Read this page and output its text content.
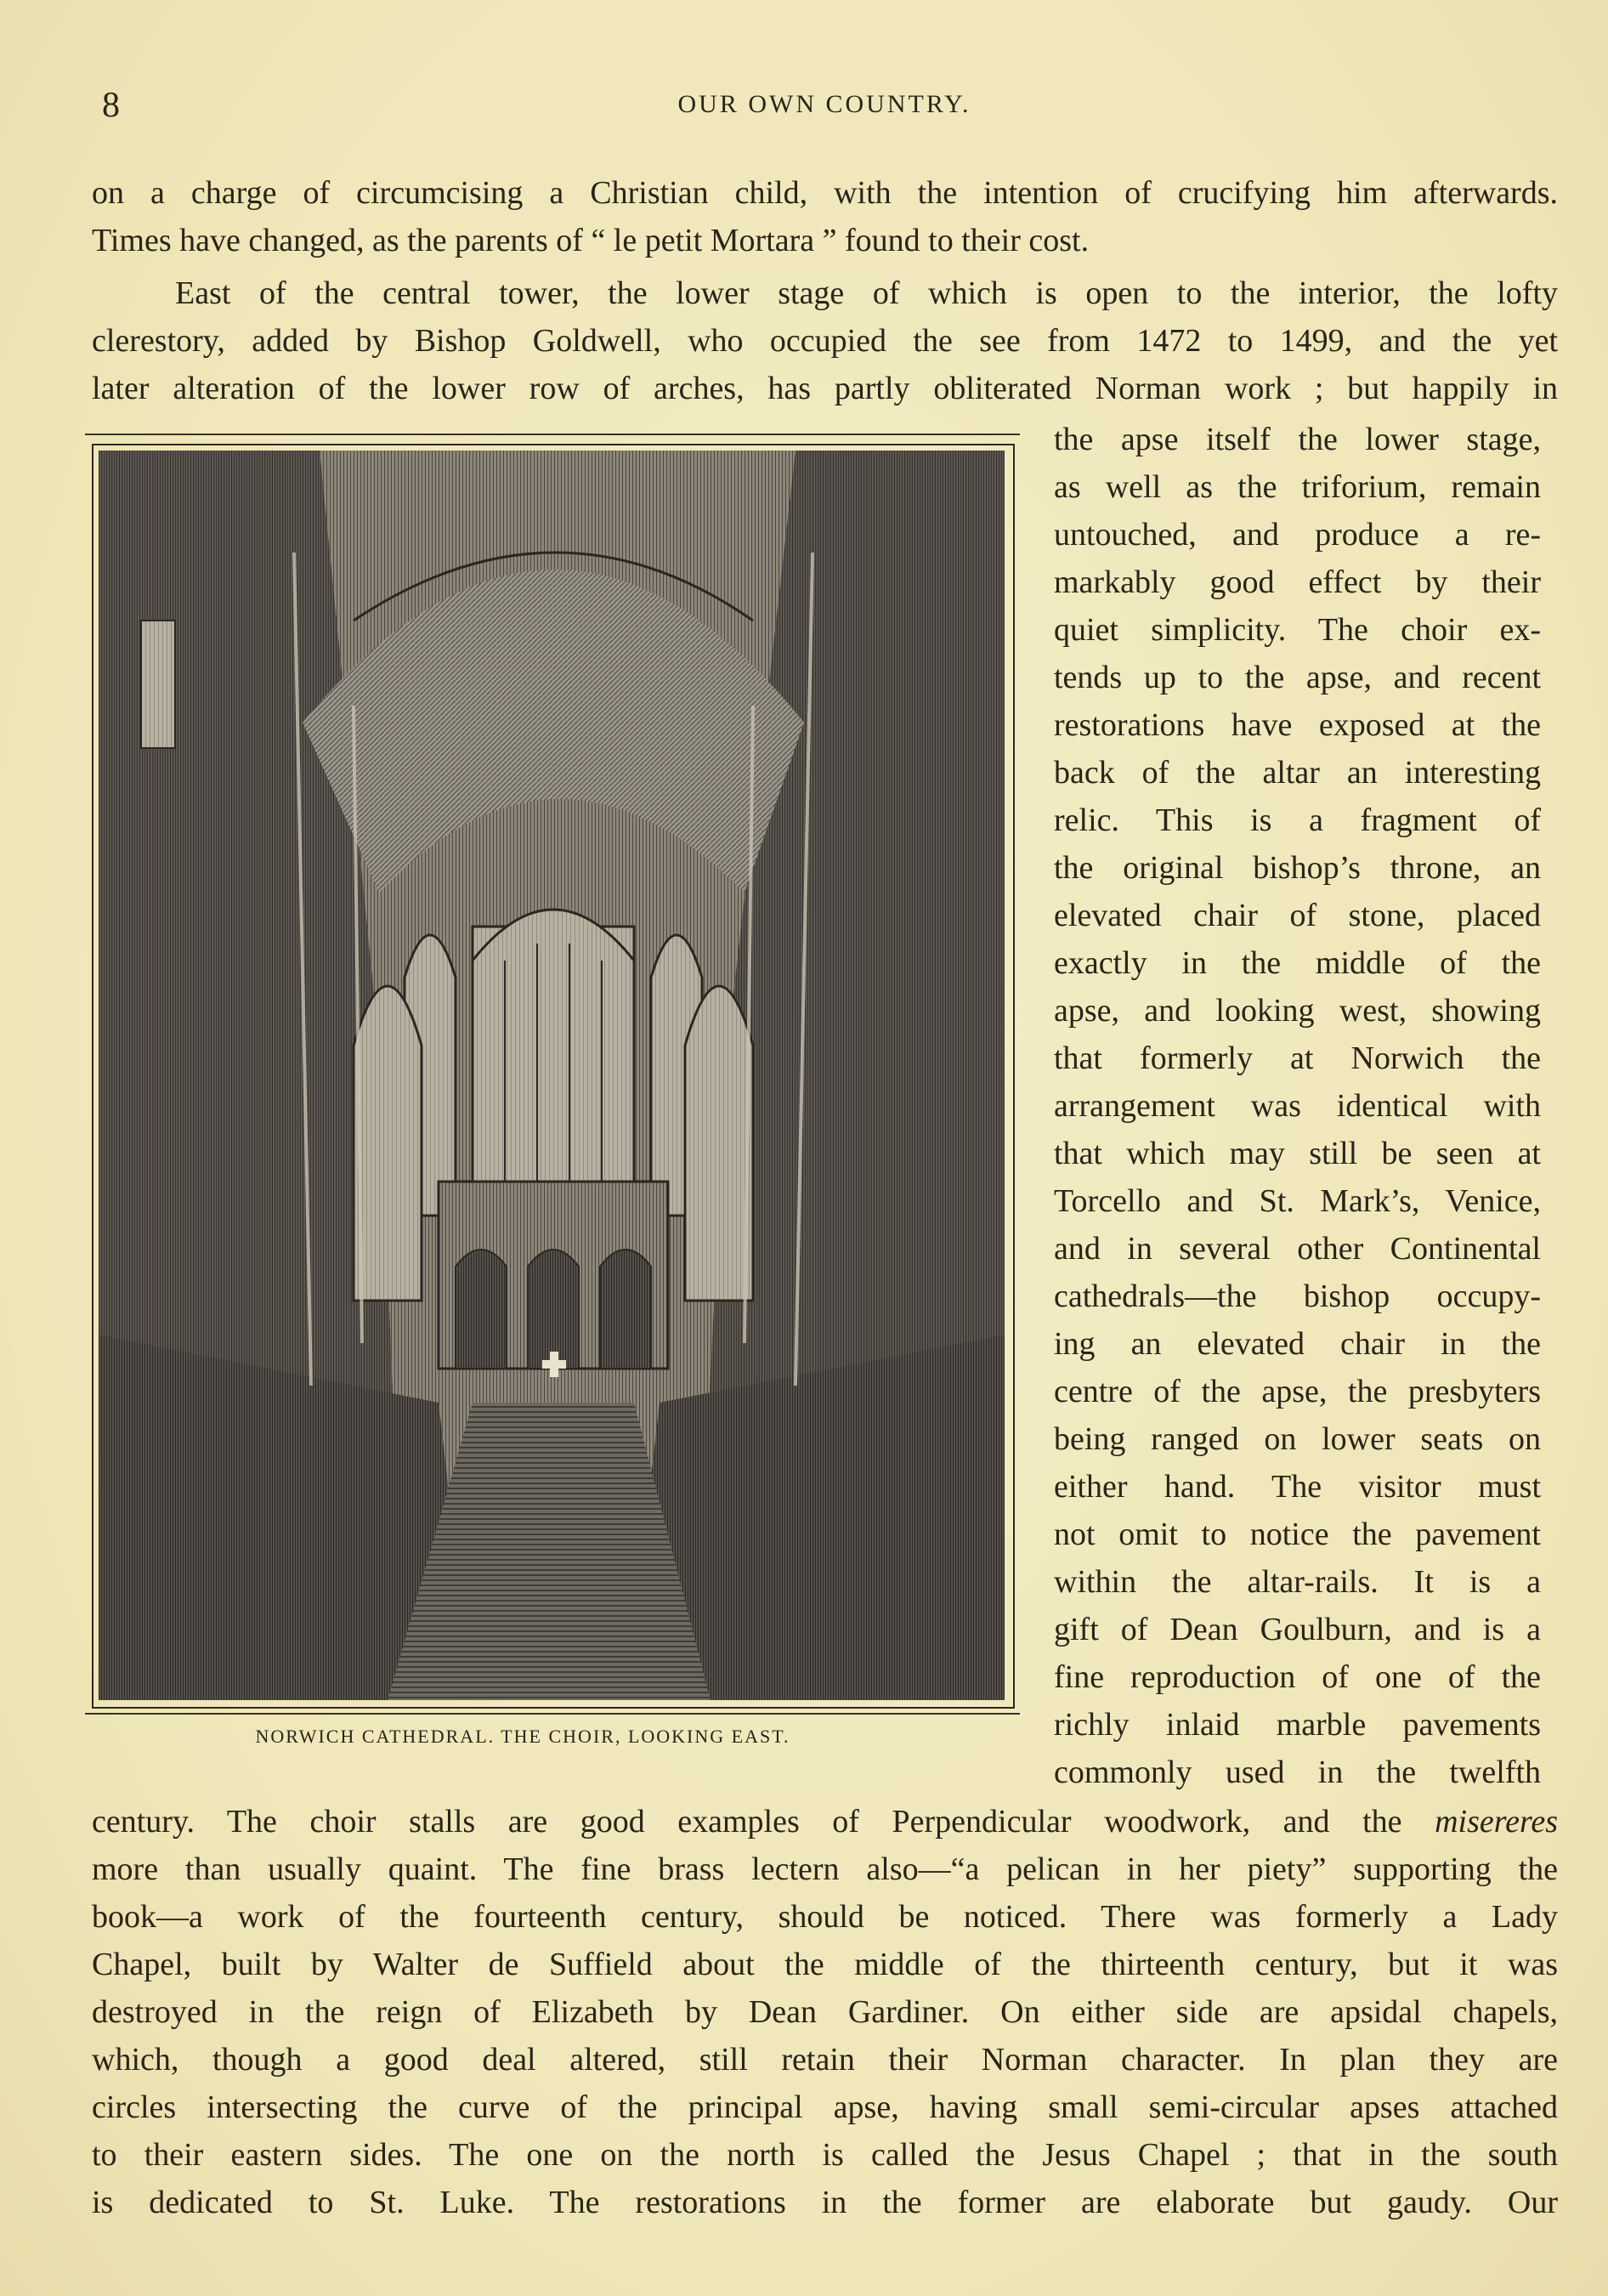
8	OUR OWN COUNTRY.
on a charge of circumcising a Christian child, with the intention of crucifying him afterwards.
Times have changed, as the parents of “ le petit Mortara ” found to their cost.
East of the central tower, the lower stage of which is open to the interior, the lofty
clerestory, added by Bishop Goldwell, who occupied the see from 1472 to 1499, and the yet
later alteration of the lower row of arches, has partly obliterated Norman work ; but happily in
NORWICH CATHEDRAL. THE CHOIR, LOOKING EAST.
the apse itself the lower stage,
as well as the triforium, remain
untouched, and produce a re-
markably good effect by their
quiet simplicity. The choir ex-
tends up to the apse, and recent
restorations have exposed at the
back of the altar an interesting
relic. This is a fragment of
the original bishop’s throne, an
elevated chair of stone, placed
exactly in the middle of the
apse, and looking west, showing
that formerly at Norwich the
arrangement was identical with
that which may still be seen at
Torcello and St. Mark’s, Venice,
and in several other Continental
cathedrals—the bishop occupy-
ing an elevated chair in the
centre of the apse, the presbyters
being ranged on lower seats on
either hand. The visitor must
not omit to notice the pavement
within the altar-rails. It is a
gift of Dean Goulburn, and is a
fine reproduction of one of the
richly inlaid marble pavements
commonly used in the twelfth
century. The choir stalls are good examples of Perpendicular woodwork, and the misereres
more than usually quaint. The fine brass lectern also—“a pelican in her piety” supporting the
book—a work of the fourteenth century, should be noticed. There was formerly a Lady
Chapel, built by Walter de Suffield about the middle of the thirteenth century, but it was
destroyed in the reign of Elizabeth by Dean Gardiner. On either side are apsidal chapels,
which, though a good deal altered, still retain their Norman character. In plan they are
circles intersecting the curve of the principal apse, having small semi-circular apses attached
to their eastern sides. The one on the north is called the Jesus Chapel ; that in the south
is dedicated to St. Luke. The restorations in the former are elaborate but gaudy. Our
